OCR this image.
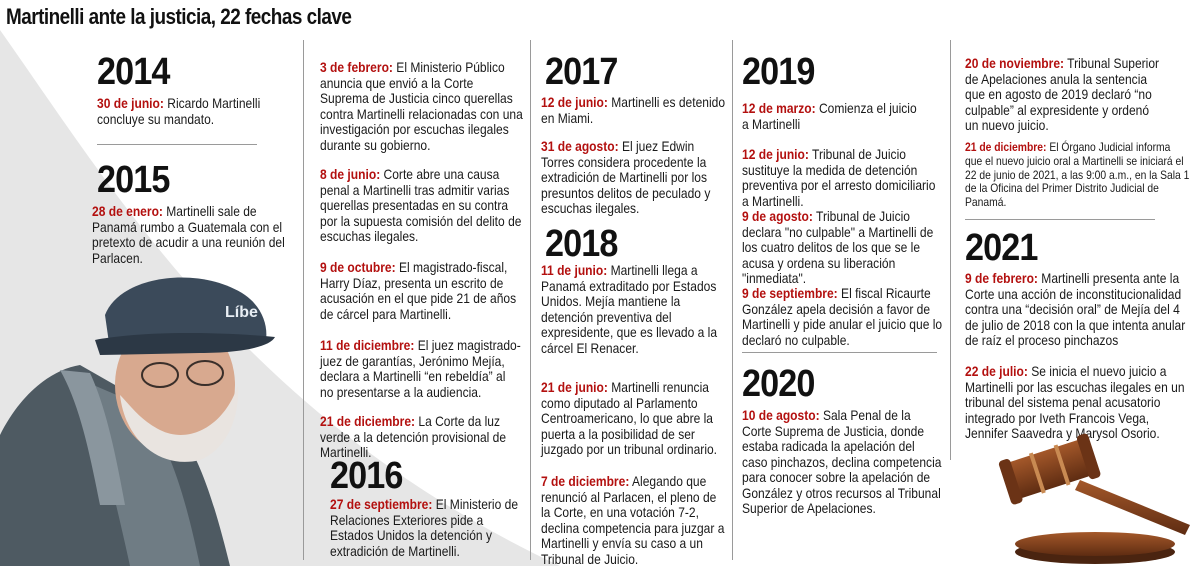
Martinelli ante la justicia, 22 fechas clave
2014
30 de junio: Ricardo Martinelli concluye su mandato.
2015
28 de enero: Martinelli sale de Panamá rumbo a Guatemala con el pretexto de acudir a una reunión del Parlacen.
Líbe
3 de febrero: El Ministerio Público anuncia que envió a la Corte Suprema de Justicia cinco querellas contra Martinelli relacionadas con una investigación por escuchas ilegales durante su gobierno.
8 de junio: Corte abre una causa penal a Martinelli tras admitir varias querellas presentadas en su contra por la supuesta comisión del delito de escuchas ilegales.
9 de octubre: El magistrado-fiscal, Harry Díaz, presenta un escrito de acusación en el que pide 21 de años de cárcel para Martinelli.
11 de diciembre: El juez magistrado-juez de garantías, Jerónimo Mejía, declara a Martinelli “en rebeldía” al no presentarse a la audiencia.
21 de diciembre: La Corte da luz verde a la detención provisional de Martinelli.
2016
27 de septiembre: El Ministerio de Relaciones Exteriores pide a Estados Unidos la detención y extradición de Martinelli.
2017
12 de junio: Martinelli es detenido en Miami.
31 de agosto: El juez Edwin Torres considera procedente la extradición de Martinelli por los presuntos delitos de peculado y escuchas ilegales.
2018
11 de junio: Martinelli llega a Panamá extraditado por Estados Unidos. Mejía mantiene la detención preventiva del expresidente, que es llevado a la cárcel El Renacer.
21 de junio: Martinelli renuncia como diputado al Parlamento Centroamericano, lo que abre la puerta a la posibilidad de ser juzgado por un tribunal ordinario.
7 de diciembre: Alegando que renunció al Parlacen, el pleno de la Corte, en una votación 7-2, declina competencia para juzgar a Martinelli y envía su caso a un Tribunal de Juicio.
2019
12 de marzo: Comienza el juicio a Martinelli
12 de junio: Tribunal de Juicio sustituye la medida de detención preventiva por el arresto domiciliario a Martinelli.
9 de agosto: Tribunal de Juicio declara "no culpable" a Martinelli de los cuatro delitos de los que se le acusa y ordena su liberación "inmediata".
9 de septiembre: El fiscal Ricaurte González apela decisión a favor de Martinelli y pide anular el juicio que lo declaró no culpable.
2020
10 de agosto: Sala Penal de la Corte Suprema de Justicia, donde estaba radicada la apelación del caso pinchazos, declina competencia para conocer sobre la apelación de González y otros recursos al Tribunal Superior de Apelaciones.
20 de noviembre: Tribunal Superior de Apelaciones anula la sentencia que en agosto de 2019 declaró “no culpable” al expresidente y ordenó un nuevo juicio.
21 de diciembre: El Órgano Judicial informa que el nuevo juicio oral a Martinelli se iniciará el 22 de junio de 2021, a las 9:00 a.m., en la Sala 1 de la Oficina del Primer Distrito Judicial de Panamá.
2021
9 de febrero: Martinelli presenta ante la Corte una acción de inconstitucionalidad contra una “decisión oral” de Mejía del 4 de julio de 2018 con la que intenta anular de raíz el proceso pinchazos
22 de julio: Se inicia el nuevo juicio a Martinelli por las escuchas ilegales en un tribunal del sistema penal acusatorio integrado por Iveth Francois Vega, Jennifer Saavedra y Marysol Osorio.
